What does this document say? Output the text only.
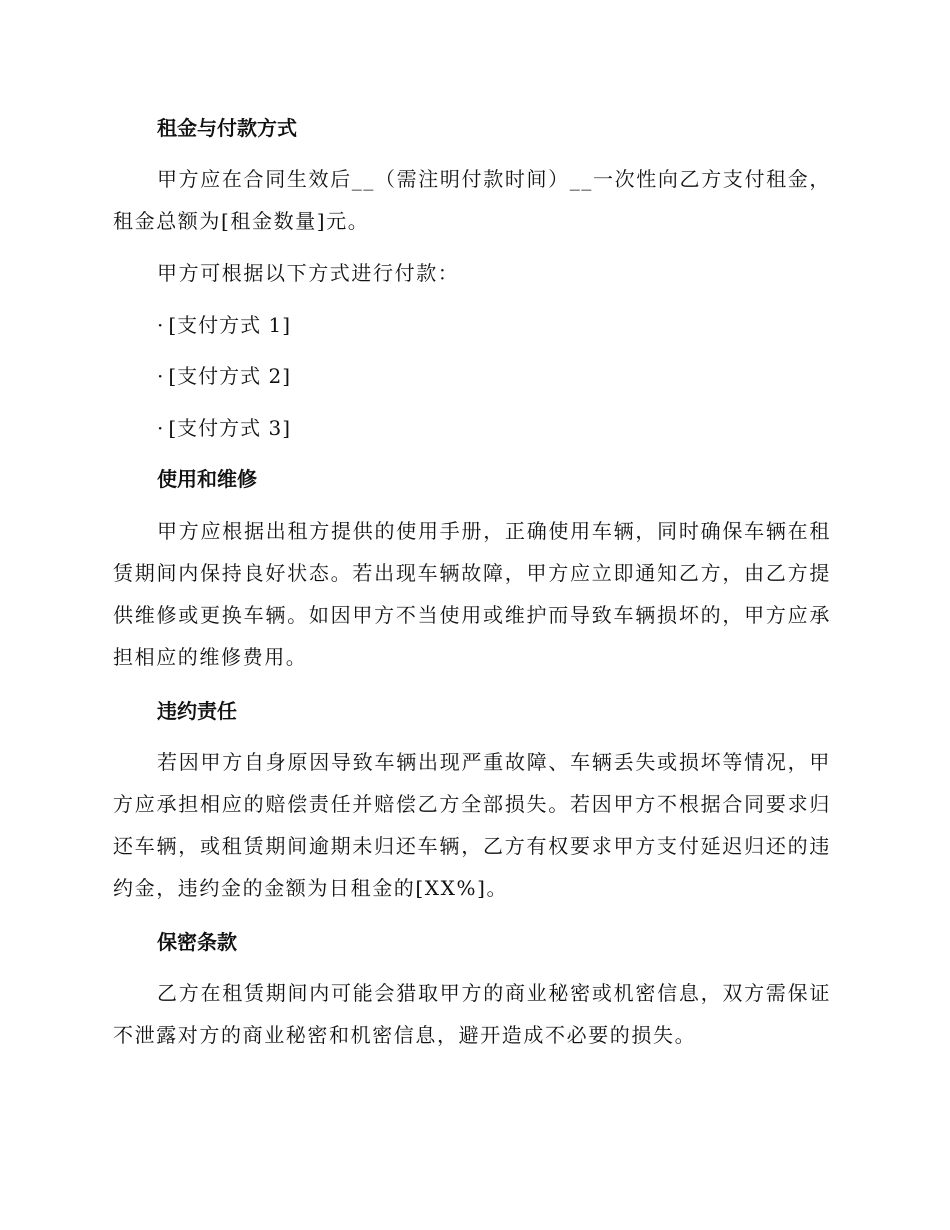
租金与付款方式
甲方应在合同生效后__（需注明付款时间）__一次性向乙方支付租金，租金总额为[租金数量]元。
甲方可根据以下方式进行付款：
· [支付方式 1]
· [支付方式 2]
· [支付方式 3]
使用和维修
甲方应根据出租方提供的使用手册，正确使用车辆，同时确保车辆在租赁期间内保持良好状态。若出现车辆故障，甲方应立即通知乙方，由乙方提供维修或更换车辆。如因甲方不当使用或维护而导致车辆损坏的，甲方应承担相应的维修费用。
违约责任
若因甲方自身原因导致车辆出现严重故障、车辆丢失或损坏等情况，甲方应承担相应的赔偿责任并赔偿乙方全部损失。若因甲方不根据合同要求归还车辆，或租赁期间逾期未归还车辆，乙方有权要求甲方支付延迟归还的违约金，违约金的金额为日租金的[XX%]。
保密条款
乙方在租赁期间内可能会猎取甲方的商业秘密或机密信息，双方需保证不泄露对方的商业秘密和机密信息，避开造成不必要的损失。
